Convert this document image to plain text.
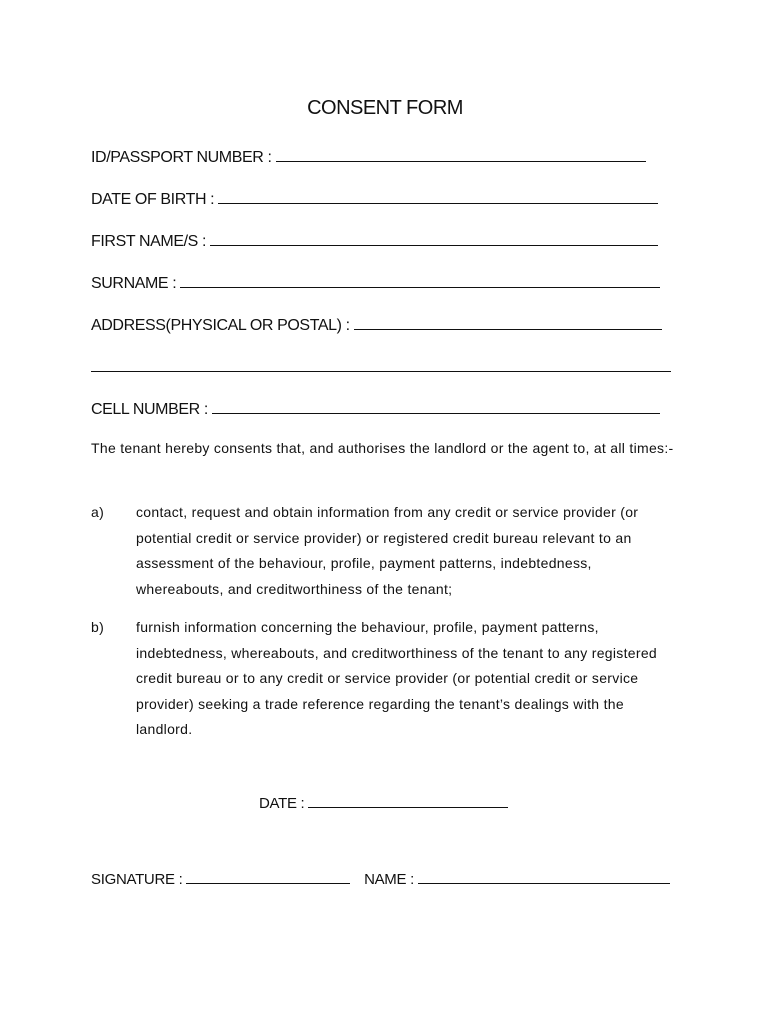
CONSENT FORM
ID/PASSPORT NUMBER :
DATE OF BIRTH :
FIRST NAME/S :
SURNAME :
ADDRESS(PHYSICAL OR POSTAL) :
CELL NUMBER :
The tenant hereby consents that, and authorises the landlord or the agent to, at all times:-
a) contact, request and obtain information from any credit or service provider (or potential credit or service provider) or registered credit bureau relevant to an assessment of the behaviour, profile, payment patterns, indebtedness, whereabouts, and creditworthiness of the tenant;
b) furnish information concerning the behaviour, profile, payment patterns, indebtedness, whereabouts, and creditworthiness of the tenant to any registered credit bureau or to any credit or service provider (or potential credit or service provider) seeking a trade reference regarding the tenant’s dealings with the landlord.
DATE :
SIGNATURE :	NAME :
